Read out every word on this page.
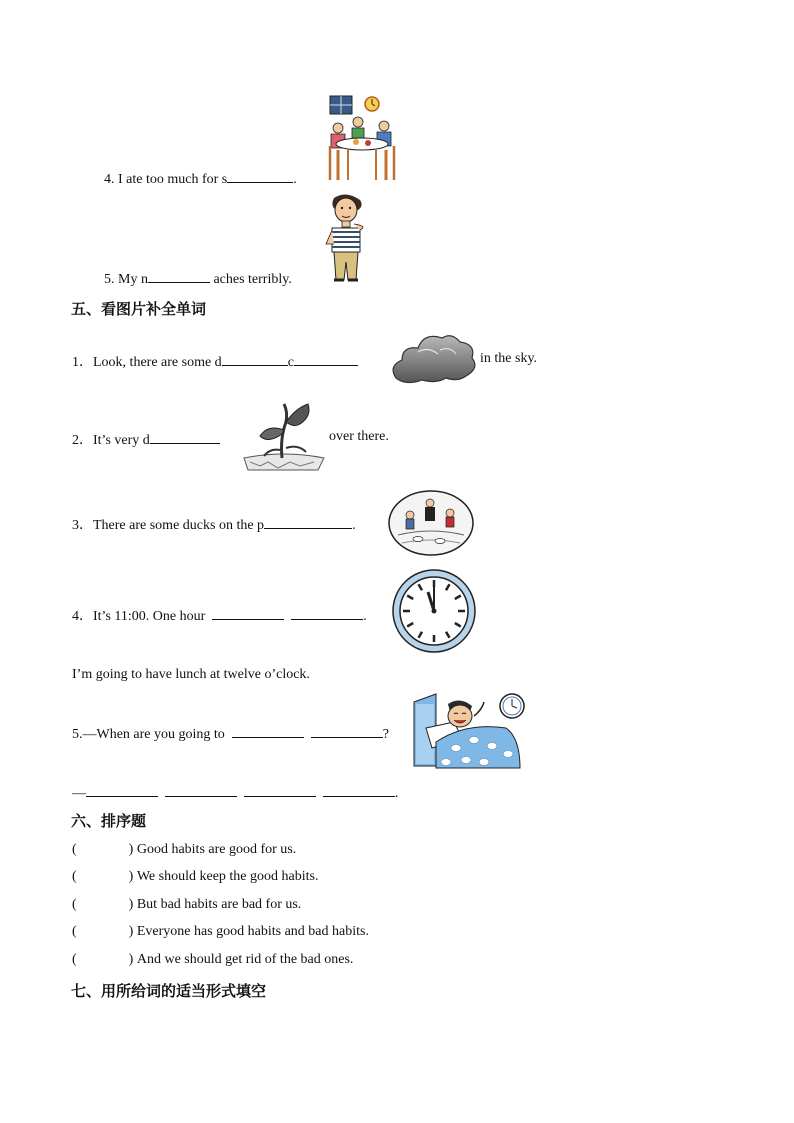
4. I ate too much for s	.
5. My n	aches terribly.
五、看图片补全单词
1．Look, there are some d	c	in the sky.
2．It’s very d	over there.
3．There are some ducks on the p	.
4．It’s 11:00. One hour	.
I’m going to have lunch at twelve o’clock.
5.—When are you going to	?
—	.
六、排序题
(	) Good habits are good for us.
(	) We should keep the good habits.
(	) But bad habits are bad for us.
(	) Everyone has good habits and bad habits.
(	) And we should get rid of the bad ones.
七、用所给词的适当形式填空
